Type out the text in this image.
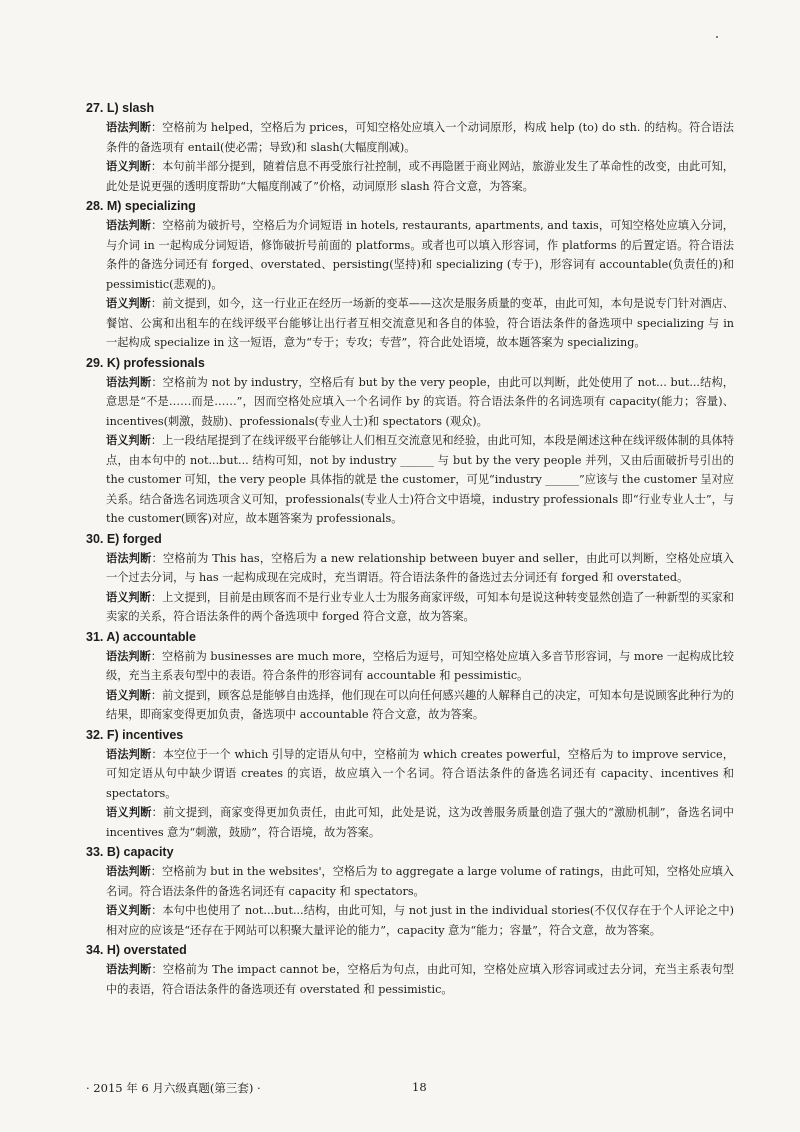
27. L) slash
语法判断：空格前为 helped，空格后为 prices，可知空格处应填入一个动词原形，构成 help (to) do sth. 的结构。符合语法条件的备选项有 entail(使必需；导致)和 slash(大幅度削减)。
语义判断：本句前半部分提到，随着信息不再受旅行社控制，或不再隐匿于商业网站，旅游业发生了革命性的改变，由此可知，此处是说更强的透明度帮助“大幅度削减了”价格，动词原形 slash 符合文意，为答案。
28. M) specializing
语法判断：空格前为破折号，空格后为介词短语 in hotels, restaurants, apartments, and taxis，可知空格处应填入分词，与介词 in 一起构成分词短语，修饰破折号前面的 platforms。或者也可以填入形容词，作 platforms 的后置定语。符合语法条件的备选分词还有 forged、overstated、persisting(坚持)和 specializing (专于)，形容词有 accountable(负责任的)和 pessimistic(悲观的)。
语义判断：前文提到，如今，这一行业正在经历一场新的变革——这次是服务质量的变革，由此可知，本句是说专门针对酒店、餐馆、公寓和出租车的在线评级平台能够让出行者互相交流意见和各自的体验，符合语法条件的备选项中 specializing 与 in 一起构成 specialize in 这一短语，意为“专于；专攻；专营”，符合此处语境，故本题答案为 specializing。
29. K) professionals
语法判断：空格前为 not by industry，空格后有 but by the very people，由此可以判断，此处使用了 not... but...结构，意思是“不是……而是……”，因而空格处应填入一个名词作 by 的宾语。符合语法条件的名词选项有 capacity(能力；容量)、incentives(刺激，鼓励)、professionals(专业人士)和 spectators (观众)。
语义判断：上一段结尾提到了在线评级平台能够让人们相互交流意见和经验，由此可知，本段是阐述这种在线评级体制的具体特点，由本句中的 not...but... 结构可知，not by industry ______ 与 but by the very people 并列，又由后面破折号引出的 the customer 可知，the very people 具体指的就是 the customer，可见“industry ______”应该与 the customer 呈对应关系。结合备选名词选项含义可知，professionals(专业人士)符合文中语境，industry professionals 即“行业专业人士”，与 the customer(顾客)对应，故本题答案为 professionals。
30. E) forged
语法判断：空格前为 This has，空格后为 a new relationship between buyer and seller，由此可以判断，空格处应填入一个过去分词，与 has 一起构成现在完成时，充当谓语。符合语法条件的备选过去分词还有 forged 和 overstated。
语义判断：上文提到，目前是由顾客而不是行业专业人士为服务商家评级，可知本句是说这种转变显然创造了一种新型的买家和卖家的关系，符合语法条件的两个备选项中 forged 符合文意，故为答案。
31. A) accountable
语法判断：空格前为 businesses are much more，空格后为逗号，可知空格处应填入多音节形容词，与 more 一起构成比较级，充当主系表句型中的表语。符合条件的形容词有 accountable 和 pessimistic。
语义判断：前文提到，顾客总是能够自由选择，他们现在可以向任何感兴趣的人解释自己的决定，可知本句是说顾客此种行为的结果，即商家变得更加负责，备选项中 accountable 符合文意，故为答案。
32. F) incentives
语法判断：本空位于一个 which 引导的定语从句中，空格前为 which creates powerful，空格后为 to improve service，可知定语从句中缺少谓语 creates 的宾语，故应填入一个名词。符合语法条件的备选名词还有 capacity、incentives 和 spectators。
语义判断：前文提到，商家变得更加负责任，由此可知，此处是说，这为改善服务质量创造了强大的“激励机制”，备选名词中 incentives 意为“刺激，鼓励”，符合语境，故为答案。
33. B) capacity
语法判断：空格前为 but in the websites'，空格后为 to aggregate a large volume of ratings，由此可知，空格处应填入名词。符合语法条件的备选名词还有 capacity 和 spectators。
语义判断：本句中也使用了 not...but...结构，由此可知，与 not just in the individual stories(不仅仅存在于个人评论之中)相对应的应该是“还存在于网站可以积聚大量评论的能力”，capacity 意为“能力；容量”，符合文意，故为答案。
34. H) overstated
语法判断：空格前为 The impact cannot be，空格后为句点，由此可知，空格处应填入形容词或过去分词，充当主系表句型中的表语，符合语法条件的备选项还有 overstated 和 pessimistic。
· 2015 年 6 月六级真题(第三套) ·	18
